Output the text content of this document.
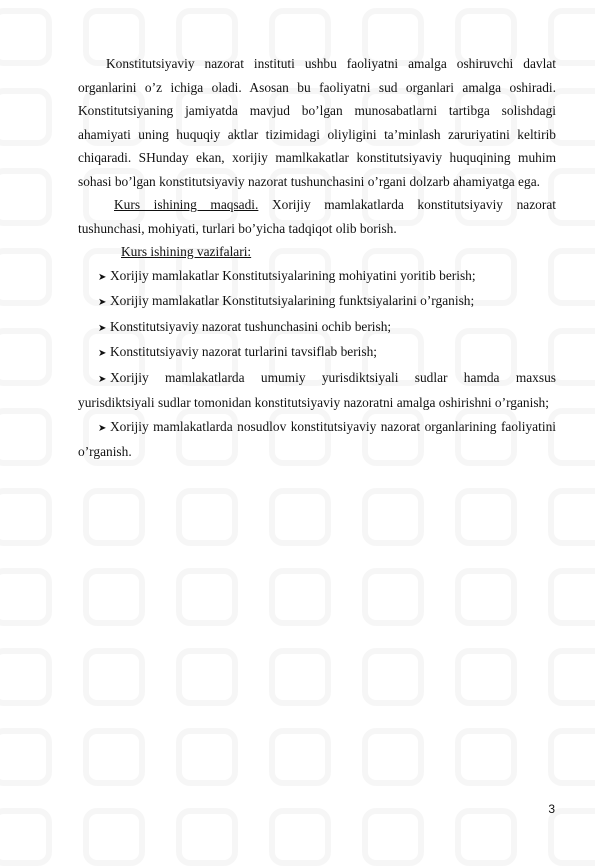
Konstitutsiyaviy nazorat instituti ushbu faoliyatni amalga oshiruvchi davlat organlarini o’z ichiga oladi. Asosan bu faoliyatni sud organlari amalga oshiradi. Konstitutsiyaning jamiyatda mavjud bo’lgan munosabatlarni tartibga solishdagi ahamiyati uning huquqiy aktlar tizimidagi oliyligini ta’minlash zaruriyatini keltirib chiqaradi. SHunday ekan, xorijiy mamlkakatlar konstitutsiyaviy huquqining muhim sohasi bo’lgan konstitutsiyaviy nazorat tushunchasini o’rgani dolzarb ahamiyatga ega.

Kurs ishining maqsadi. Xorijiy mamlakatlarda konstitutsiyaviy nazorat tushunchasi, mohiyati, turlari bo’yicha tadqiqot olib borish.

Kurs ishining vazifalari:

➤ Xorijiy mamlakatlar Konstitutsiyalarining mohiyatini yoritib berish;
➤ Xorijiy mamlakatlar Konstitutsiyalarining funktsiyalarini o’rganish;
➤ Konstitutsiyaviy nazorat tushunchasini ochib berish;
➤ Konstitutsiyaviy nazorat turlarini tavsiflab berish;
➤ Xorijiy mamlakatlarda umumiy yurisdiktsiyali sudlar hamda maxsus yurisdiktsiyali sudlar tomonidan konstitutsiyaviy nazoratni amalga oshirishni o’rganish;
➤ Xorijiy mamlakatlarda nosudlov konstitutsiyaviy nazorat organlarining faoliyatini o’rganish.
3
